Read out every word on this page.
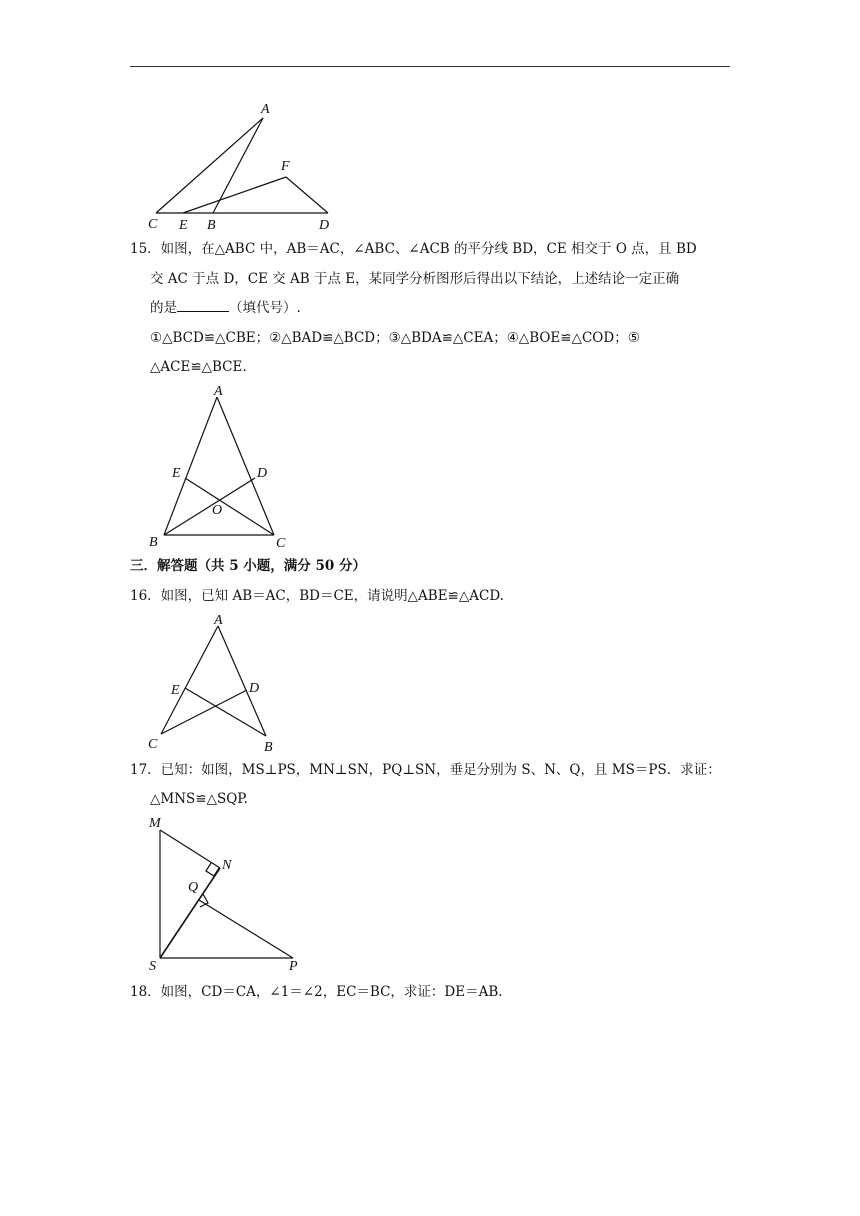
A
F
C E B	D
15．如图，在△ABC 中，AB＝AC，∠ABC、∠ACB 的平分线 BD，CE 相交于 O 点，且 BD
交 AC 于点 D，CE 交 AB 于点 E，某同学分析图形后得出以下结论，上述结论一定正确
的是	（填代号）.
①△BCD≌△CBE；②△BAD≌△BCD；③△BDA≌△CEA；④△BOE≌△COD；⑤
△ACE≌△BCE.
A
E	D
O
B	C
三．解答题（共 5 小题，满分 50 分）
16．如图，已知 AB＝AC，BD＝CE，请说明△ABE≌△ACD.
A
E	D
C	B
17．已知：如图，MS⊥PS，MN⊥SN，PQ⊥SN，垂足分别为 S、N、Q，且 MS＝PS．求证：
△MNS≌△SQP.
M
N
Q
S	P
18．如图，CD＝CA，∠1＝∠2，EC＝BC，求证：DE＝AB.
